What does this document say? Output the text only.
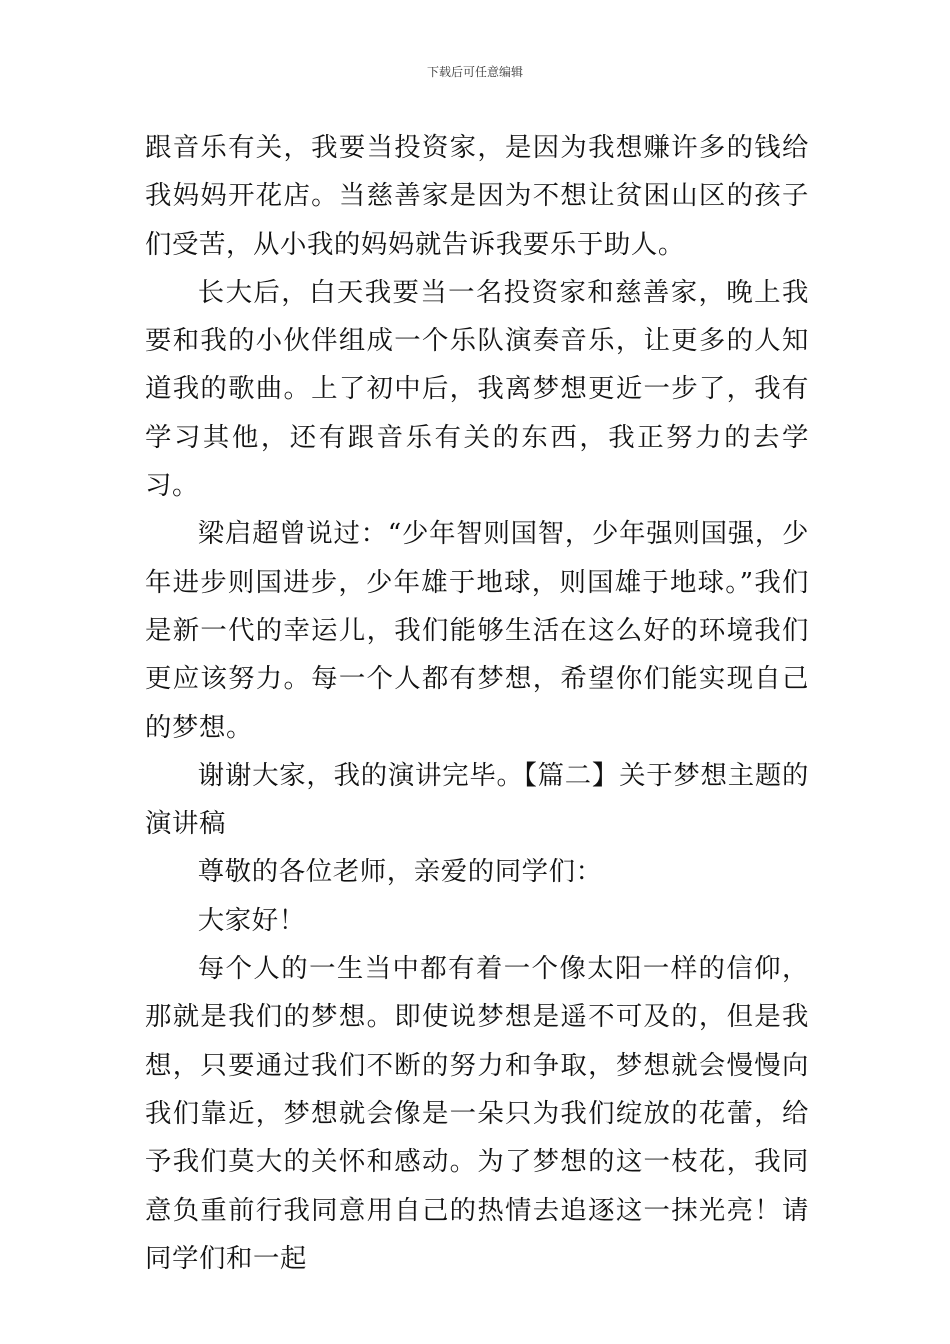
下载后可任意编辑

跟音乐有关，我要当投资家，是因为我想赚许多的钱给我妈妈开花店。当慈善家是因为不想让贫困山区的孩子们受苦，从小我的妈妈就告诉我要乐于助人。

长大后，白天我要当一名投资家和慈善家，晚上我要和我的小伙伴组成一个乐队演奏音乐，让更多的人知道我的歌曲。上了初中后，我离梦想更近一步了，我有学习其他，还有跟音乐有关的东西，我正努力的去学习。

梁启超曾说过：“少年智则国智，少年强则国强，少年进步则国进步，少年雄于地球，则国雄于地球。”我们是新一代的幸运儿，我们能够生活在这么好的环境我们更应该努力。每一个人都有梦想，希望你们能实现自己的梦想。

谢谢大家，我的演讲完毕。【篇二】关于梦想主题的演讲稿

尊敬的各位老师，亲爱的同学们：

大家好！

每个人的一生当中都有着一个像太阳一样的信仰，那就是我们的梦想。即使说梦想是遥不可及的，但是我想，只要通过我们不断的努力和争取，梦想就会慢慢向我们靠近，梦想就会像是一朵只为我们绽放的花蕾，给予我们莫大的关怀和感动。为了梦想的这一枝花，我同意负重前行我同意用自己的热情去追逐这一抹光亮！请同学们和一起
